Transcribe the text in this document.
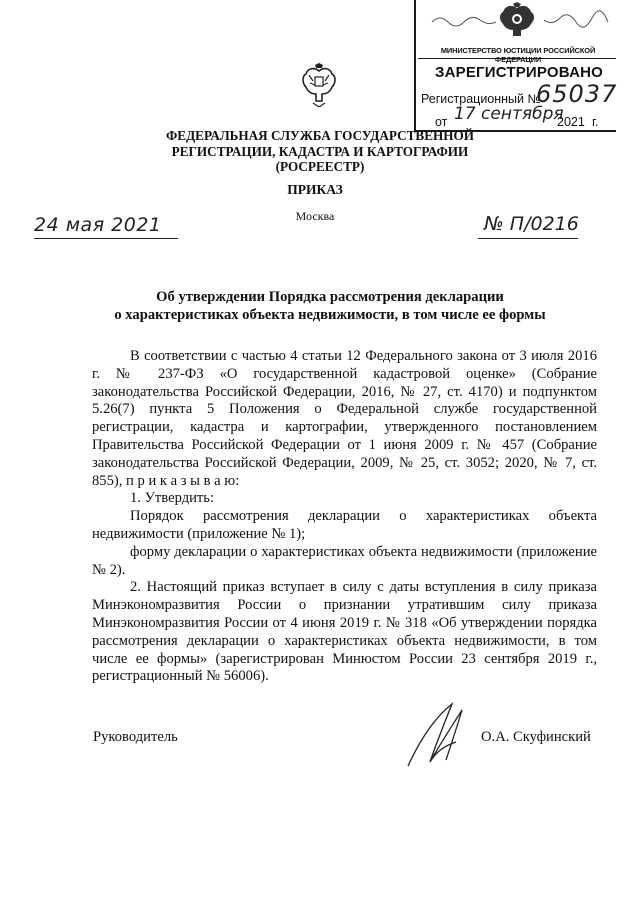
МИНИСТЕРСТВО ЮСТИЦИИ РОССИЙСКОЙ ФЕДЕРАЦИИ
ЗАРЕГИСТРИРОВАНО
Регистрационный №
65037
от 17 сентября
2021 г.
ФЕДЕРАЛЬНАЯ СЛУЖБА ГОСУДАРСТВЕННОЙ
РЕГИСТРАЦИИ, КАДАСТРА И КАРТОГРАФИИ
(РОСРЕЕСТР)
ПРИКАЗ
Москва
24 мая 2021	№ П/0216
Об утверждении Порядка рассмотрения декларации
о характеристиках объекта недвижимости, в том числе ее формы

В соответствии с частью 4 статьи 12 Федерального закона от 3 июля 2016 г. № 237-ФЗ «О государственной кадастровой оценке» (Собрание законодательства Российской Федерации, 2016, № 27, ст. 4170) и подпунктом 5.26(7) пункта 5 Положения о Федеральной службе государственной регистрации, кадастра и картографии, утвержденного постановлением Правительства Российской Федерации от 1 июня 2009 г. № 457 (Собрание законодательства Российской Федерации, 2009, № 25, ст. 3052; 2020, № 7, ст. 855), п р и к а з ы в а ю:

1. Утвердить:

Порядок рассмотрения декларации о характеристиках объекта недвижимости (приложение № 1);

форму декларации о характеристиках объекта недвижимости (приложение № 2).

2. Настоящий приказ вступает в силу с даты вступления в силу приказа Минэкономразвития России о признании утратившим силу приказа Минэкономразвития России от 4 июня 2019 г. № 318 «Об утверждении порядка рассмотрения декларации о характеристиках объекта недвижимости, в том числе ее формы» (зарегистрирован Минюстом России 23 сентября 2019 г., регистрационный № 56006).

Руководитель	О.А. Скуфинский
